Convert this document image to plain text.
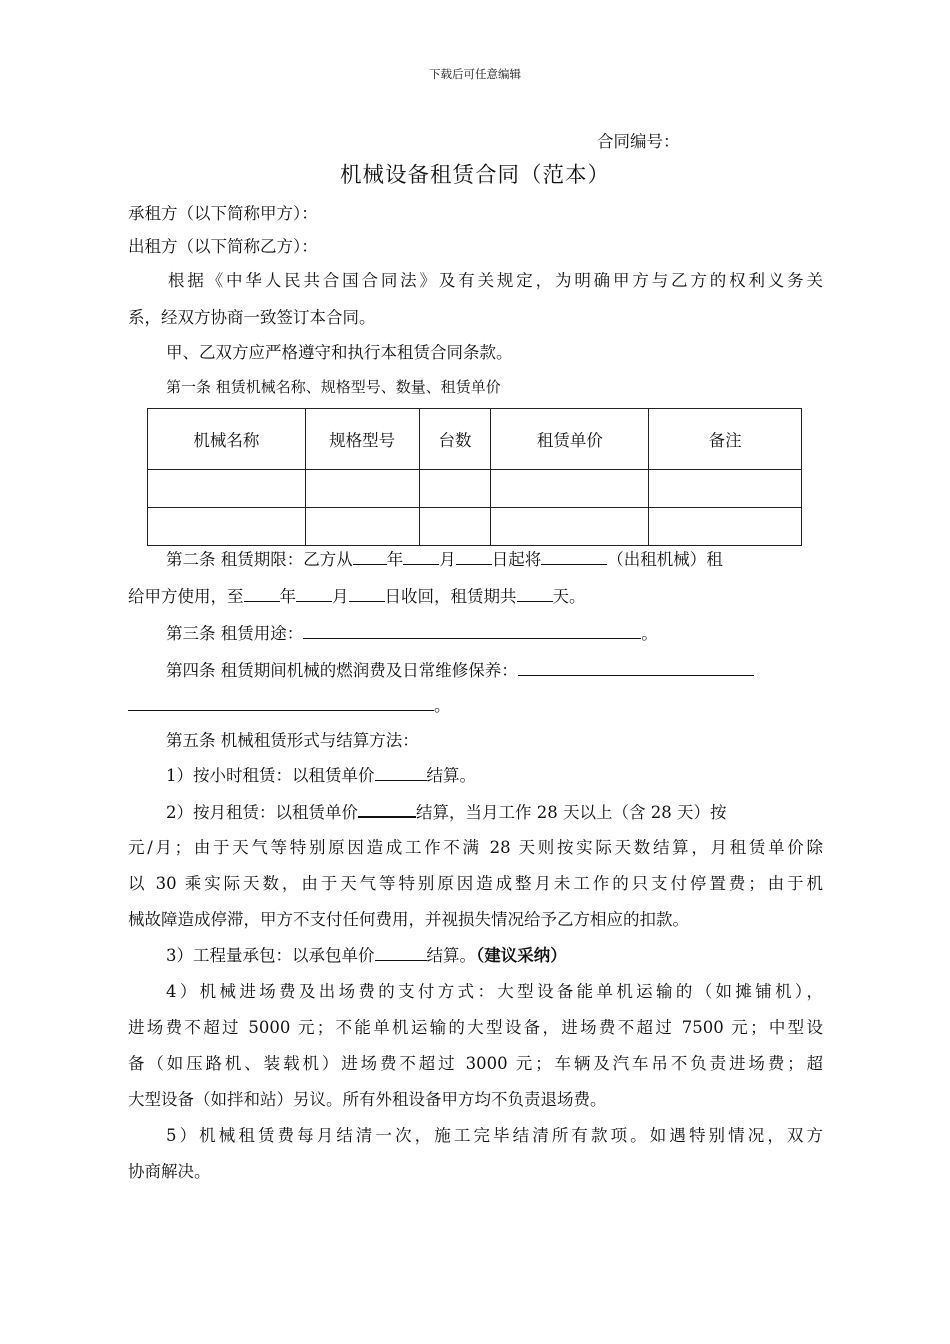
下载后可任意编辑
合同编号：
机械设备租赁合同（范本）
承租方（以下简称甲方）：
出租方（以下简称乙方）：
根据《中华人民共合国合同法》及有关规定，为明确甲方与乙方的权利义务关
系，经双方协商一致签订本合同。
甲、乙双方应严格遵守和执行本租赁合同条款。
第一条 租赁机械名称、规格型号、数量、租赁单价
机械名称	规格型号	台数	租赁单价	备注

第二条 租赁期限：乙方从 年 月 日起将	（出租机械）租
给甲方使用，至 年 月 日收回，租赁期共 天。
第三条 租赁用途：	。
第四条 租赁期间机械的燃润费及日常维修保养：
。
第五条 机械租赁形式与结算方法：
1）按小时租赁：以租赁单价	结算。
2）按月租赁：以租赁单价	结算，当月工作 28 天以上（含 28 天）按
元/月；由于天气等特别原因造成工作不满 28 天则按实际天数结算，月租赁单价除
以 30 乘实际天数，由于天气等特别原因造成整月未工作的只支付停置费；由于机
械故障造成停滞，甲方不支付任何费用，并视损失情况给予乙方相应的扣款。
3）工程量承包：以承包单价	结算。（建议采纳）
4）机械进场费及出场费的支付方式：大型设备能单机运输的（如摊铺机），
进场费不超过 5000 元；不能单机运输的大型设备，进场费不超过 7500 元；中型设
备（如压路机、装载机）进场费不超过 3000 元；车辆及汽车吊不负责进场费；超
大型设备（如拌和站）另议。所有外租设备甲方均不负责退场费。
5）机械租赁费每月结清一次，施工完毕结清所有款项。如遇特别情况，双方
协商解决。
